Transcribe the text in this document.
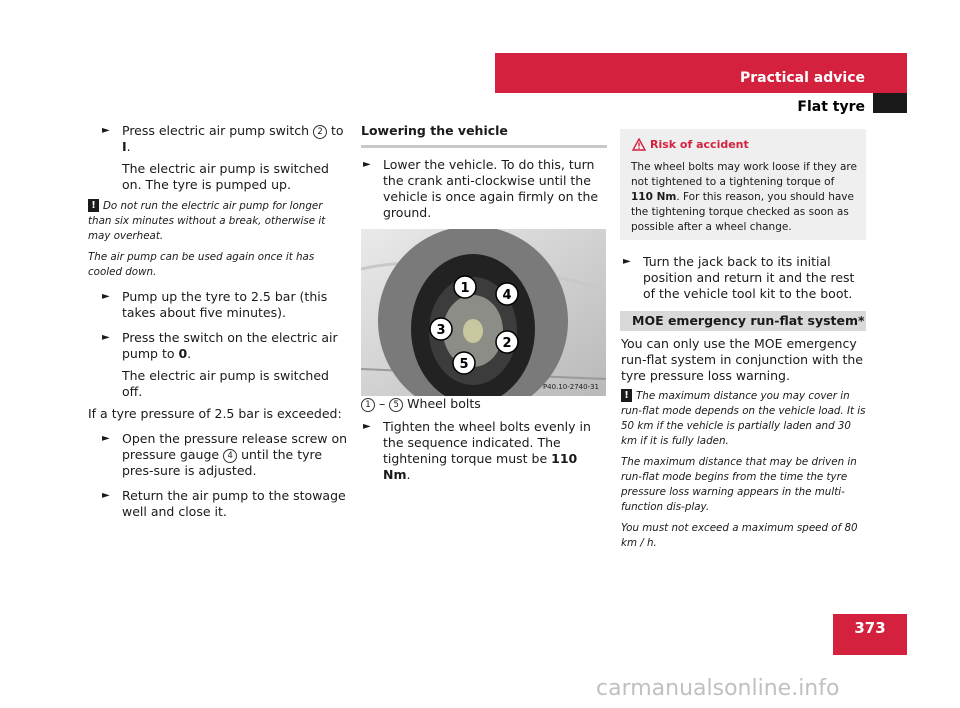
Practical advice
Flat tyre

► Press electric air pump switch 2 to I.

The electric air pump is switched on. The tyre is pumped up.

! Do not run the electric air pump for longer than six minutes without a break, otherwise it may overheat.

The air pump can be used again once it has cooled down.

► Pump up the tyre to 2.5 bar (this takes about five minutes).

► Press the switch on the electric air pump to 0.

The electric air pump is switched off.

If a tyre pressure of 2.5 bar is exceeded:

► Open the pressure release screw on pressure gauge 4 until the tyre pres-sure is adjusted.

► Return the air pump to the stowage well and close it.

Lowering the vehicle

► Lower the vehicle. To do this, turn the crank anti-clockwise until the vehicle is once again firmly on the ground.

1
2
3
4
5
P40.10-2740-31

1 – 5 Wheel bolts

► Tighten the wheel bolts evenly in the sequence indicated. The tightening torque must be 110 Nm.

Risk of accident
The wheel bolts may work loose if they are not tightened to a tightening torque of 110 Nm. For this reason, you should have the tightening torque checked as soon as possible after a wheel change.

► Turn the jack back to its initial position and return it and the rest of the vehicle tool kit to the boot.

MOE emergency run-flat system*

You can only use the MOE emergency run-flat system in conjunction with the tyre pressure loss warning.

! The maximum distance you may cover in run-flat mode depends on the vehicle load. It is 50 km if the vehicle is partially laden and 30 km if it is fully laden.

The maximum distance that may be driven in run-flat mode begins from the time the tyre pressure loss warning appears in the multi-function dis-play.

You must not exceed a maximum speed of 80 km / h.

373
carmanualsonline.info
